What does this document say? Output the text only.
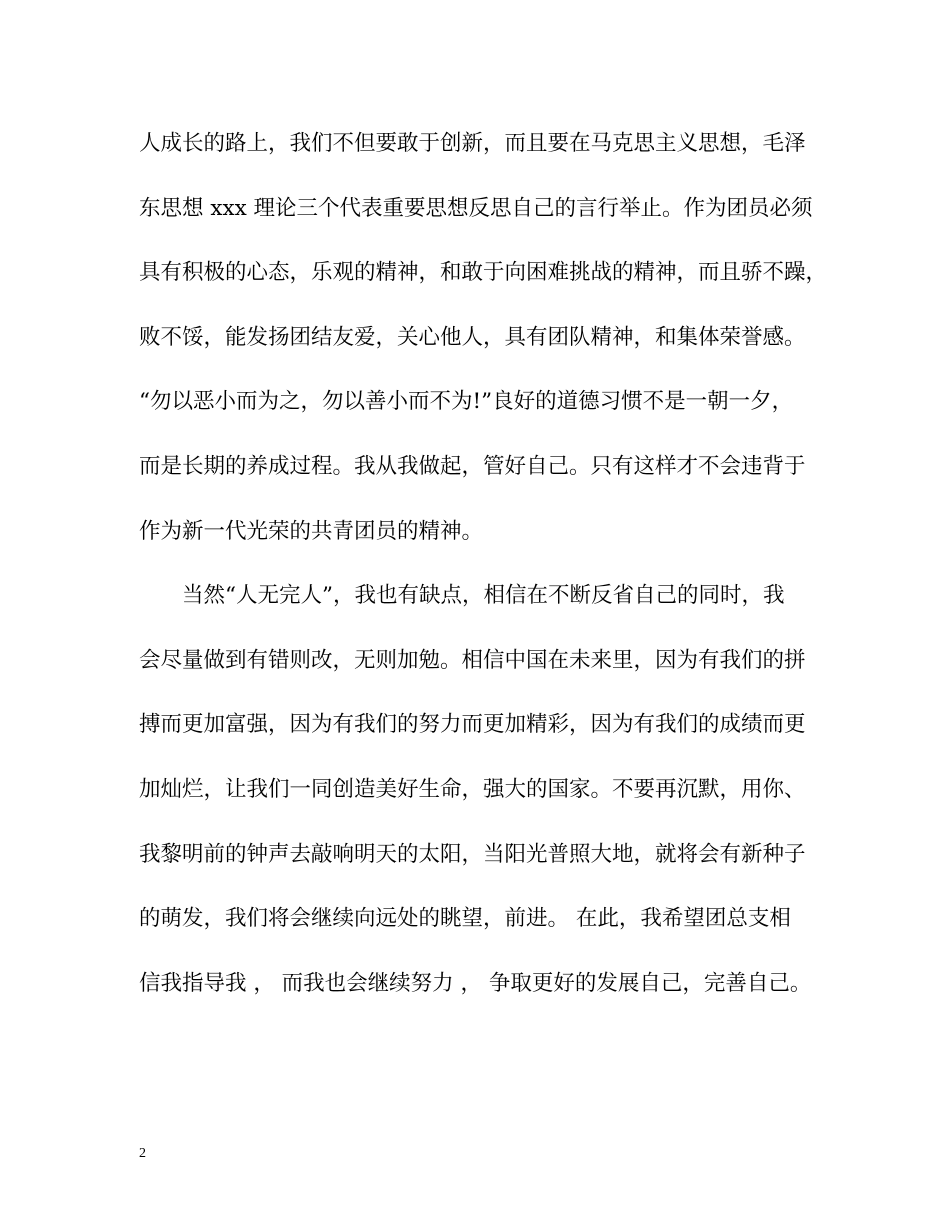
人成长的路上，我们不但要敢于创新，而且要在马克思主义思想，毛泽
东思想 xxx 理论三个代表重要思想反思自己的言行举止。作为团员必须
具有积极的心态，乐观的精神，和敢于向困难挑战的精神，而且骄不躁，
败不馁，能发扬团结友爱，关心他人，具有团队精神，和集体荣誉感。
“勿以恶小而为之，勿以善小而不为!”良好的道德习惯不是一朝一夕，
而是长期的养成过程。我从我做起，管好自己。只有这样才不会违背于
作为新一代光荣的共青团员的精神。
　　当然“人无完人”，我也有缺点，相信在不断反省自己的同时，我
会尽量做到有错则改，无则加勉。相信中国在未来里，因为有我们的拼
搏而更加富强，因为有我们的努力而更加精彩，因为有我们的成绩而更
加灿烂，让我们一同创造美好生命，强大的国家。不要再沉默，用你、
我黎明前的钟声去敲响明天的太阳，当阳光普照大地，就将会有新种子
的萌发，我们将会继续向远处的眺望，前进。 在此，我希望团总支相
信我指导我 ， 而我也会继续努力 ， 争取更好的发展自己，完善自己。
2
